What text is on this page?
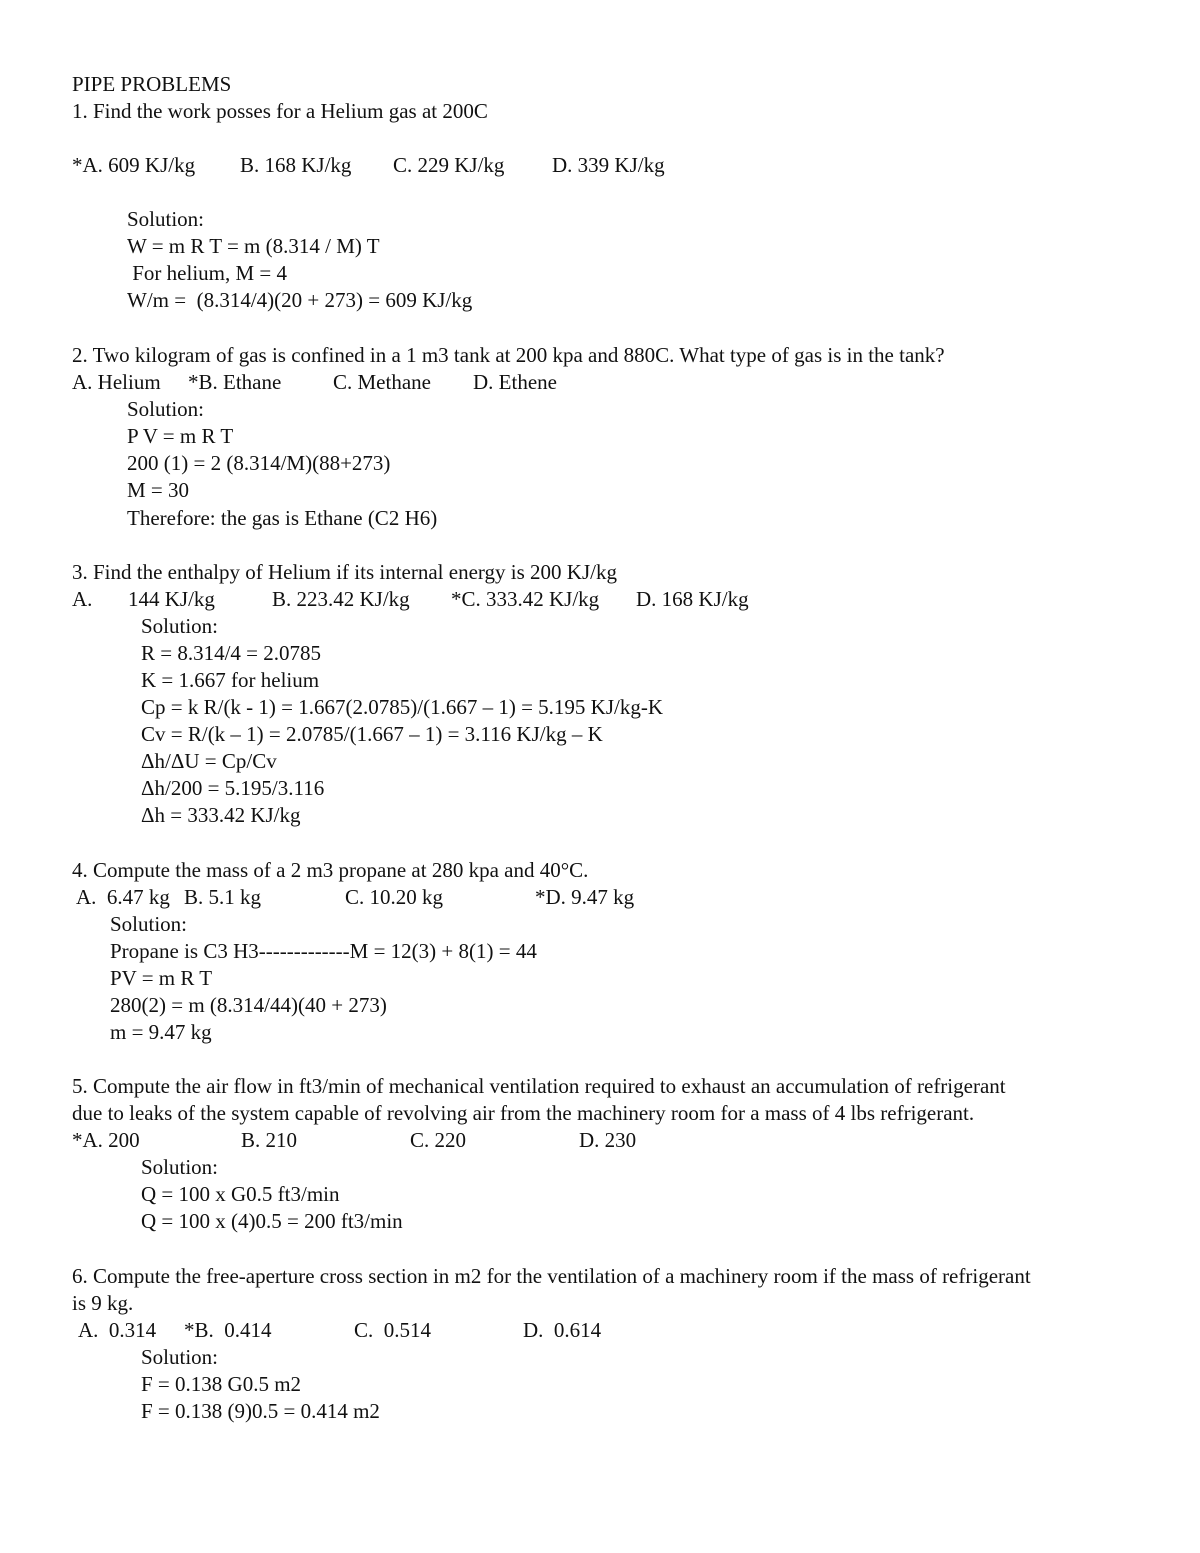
PIPE PROBLEMS
1. Find the work posses for a Helium gas at 200C
*A. 609 KJ/kg B. 168 KJ/kg C. 229 KJ/kg D. 339 KJ/kg
Solution:
W = m R T = m (8.314 / M) T
For helium, M = 4
W/m =  (8.314/4)(20 + 273) = 609 KJ/kg
2. Two kilogram of gas is confined in a 1 m3 tank at 200 kpa and 880C. What type of gas is in the tank?
A. Helium *B. Ethane C. Methane D. Ethene
Solution:
P V = m R T
200 (1) = 2 (8.314/M)(88+273)
M = 30
Therefore: the gas is Ethane (C2 H6)
3. Find the enthalpy of Helium if its internal energy is 200 KJ/kg
A. 144 KJ/kg	B. 223.42 KJ/kg *C. 333.42 KJ/kg D. 168 KJ/kg
Solution:
R = 8.314/4 = 2.0785
K = 1.667 for helium
Cp = k R/(k - 1) = 1.667(2.0785)/(1.667 – 1) = 5.195 KJ/kg-K
Cv = R/(k – 1) = 2.0785/(1.667 – 1) = 3.116 KJ/kg – K
Δh/ΔU = Cp/Cv
Δh/200 = 5.195/3.116
Δh = 333.42 KJ/kg
4. Compute the mass of a 2 m3 propane at 280 kpa and 40°C.
A.  6.47 kg B. 5.1 kg	C. 10.20 kg	*D. 9.47 kg
Solution:
Propane is C3 H3-------------M = 12(3) + 8(1) = 44
PV = m R T
280(2) = m (8.314/44)(40 + 273)
m = 9.47 kg
5. Compute the air flow in ft3/min of mechanical ventilation required to exhaust an accumulation of refrigerant
due to leaks of the system capable of revolving air from the machinery room for a mass of 4 lbs refrigerant.
*A. 200	B. 210	C. 220	D. 230
Solution:
Q = 100 x G0.5 ft3/min
Q = 100 x (4)0.5 = 200 ft3/min
6. Compute the free-aperture cross section in m2 for the ventilation of a machinery room if the mass of refrigerant
is 9 kg.
A.  0.314 *B.  0.414	C.  0.514	D.  0.614
Solution:
F = 0.138 G0.5 m2
F = 0.138 (9)0.5 = 0.414 m2
